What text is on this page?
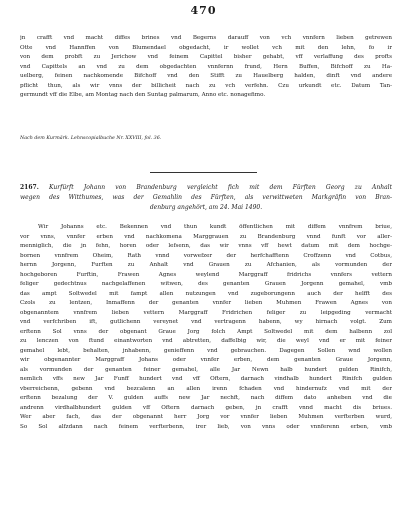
470
jn crafft vnd macht diffes brines vnd Begerns darauff von vch vnnfern lieben getrewen
Otte vnd Hannffen von Blumendael obgedacht, ir wollet vch mit den lehn, fo ir
von dem probft zu Jerichow vnd feinem Capittel bisher gehabt, vff verlaffung des profts
vnd Capittels an vnd zu dem obgedachten vnnfernn frund, Hern Buffen, Bifchoff zu Ha-
uelberg, feinen nachkomende Bifchoff vnd den Stifft zu Hauelberg halden, dinft vnd andere
pflicht thun, als wir vnns der billicheit nach zu vch verfehn. Czu urkundt etc. Datum Tan-
germundt vff die Elbe, am Montag nach den Suntag palmarum, Anno etc. nonagefimo.
Nach dem Kurmärk. Lehnscopialbuche Nr. XXVIII, fol. 36.
2167. Kurfürft Johann von Brandenburg vergleicht fich mit dem Fürften Georg zu Anhalt
wegen des Witthumes, was der Gemahlin des Fürften, als verwittweten Markgräfin von Bran-
denburg angehört, am 24. Mai 1490.
Wir Johanns etc. Bekennen vnd thun kundt öffentlichen mit diffem vnnfrem briue,
vor vnns, vnnfer erben vnd nachkomena Marggrauen zu Brandenburg vnnd funft vor aller-
menniglich, die jn fehn, horen oder lefsenn, das wir vnns vff hewt datum mit dem hochge-
bornen vnnfrem Oheim, Rath vnnd vorwefzer der herfchafftenn Croffzenn vnd Cotbus,
hernn Jorgenn, Furften zu Anhalt vnd Grauen zu Afchanien, als vormunden der
hochgeboren Furftin, Frawen Agnes weylend Marggraff fridrichs vnnfers vettern
feliger gedechtnus nachgelaffenen witwen, des genanten Grauen Jorgenn gemahel, vmb
das ampt Soltwedel mit fampt allen nutzungen vnd zugeborungenn auch der helfft des
Czols zu lentzen, Inmaffenn der genanten vnnfer lieben Muhmen Frawen Agnes von
obgenanntem vnnfrem lieben vettern Marggraff Fridrichen feliger zu leipgeding vermacht
vnd verfchriben ift, gutlichenn vereynet vnd vertragenn habenn, wy hirnach volgt. Zum
erftenn Sol vnns der obgenant Graue Jorg folch Ampt Soltwedel mit dem halbenn zol
zu lenczen von ftund einantworten vnd abtretten, daffelbig wir, die weyl vnd er mit feiner
gemahel lebt, behalten, jnhabenn, genieffenn vnd gebrauchen. Dagegen Sollen wnd wollen
wir obgenannter Marggraff Johans oder vnnfer erben, dem genanten Graue Jorgenn,
als vormunden der genanten feiner gemahel, alle Jar Newn halb hundert gulden Rinifch,
nemlich vffs new Jar Funff hundert vnd vff Oftern, darnach vindhalb hundert Rinifch gulden
vberreichenn, gebenn vnd bezcalenn an allen irenn fchaden vnd hindernufz vnd mit der
erftenn bezalung der V. gulden auffs new Jar nechft, nach diffem dato anheben vnd die
andrenn virdhalbhundert gulden vff Oftern darnach geben, jn crafft vnnd macht dis briues.
Wer aber fach, das der obgenannt herr Jorg vor vnnfer lieben Muhmen verfterben wurd,
So Sol alfzdann nach feinem verfterbenn, irer lieb, von vnns oder vnnferenn erben, vmb
